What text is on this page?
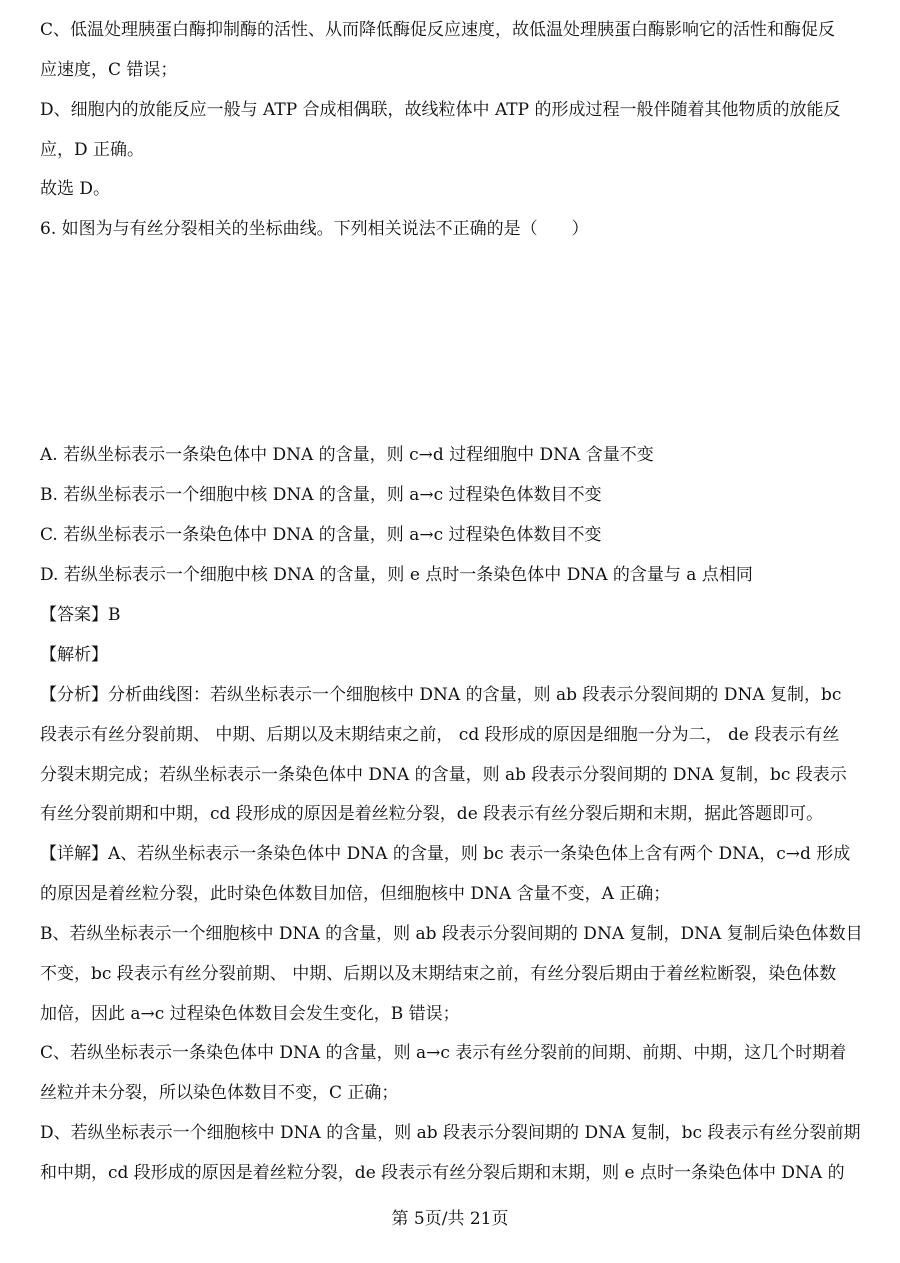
C、低温处理胰蛋白酶抑制酶的活性、从而降低酶促反应速度，故低温处理胰蛋白酶影响它的活性和酶促反
应速度，C 错误；
D、细胞内的放能反应一般与 ATP 合成相偶联，故线粒体中 ATP 的形成过程一般伴随着其他物质的放能反
应，D 正确。
故选 D。
6. 如图为与有丝分裂相关的坐标曲线。下列相关说法不正确的是（　　）
A. 若纵坐标表示一条染色体中 DNA 的含量，则 c→d 过程细胞中 DNA 含量不变
B. 若纵坐标表示一个细胞中核 DNA 的含量，则 a→c 过程染色体数目不变
C. 若纵坐标表示一条染色体中 DNA 的含量，则 a→c 过程染色体数目不变
D. 若纵坐标表示一个细胞中核 DNA 的含量，则 e 点时一条染色体中 DNA 的含量与 a 点相同
【答案】B
【解析】
【分析】分析曲线图：若纵坐标表示一个细胞核中 DNA 的含量，则 ab 段表示分裂间期的 DNA 复制，bc
段表示有丝分裂前期、 中期、后期以及末期结束之前， cd 段形成的原因是细胞一分为二， de 段表示有丝
分裂末期完成；若纵坐标表示一条染色体中 DNA 的含量，则 ab 段表示分裂间期的 DNA 复制，bc 段表示
有丝分裂前期和中期，cd 段形成的原因是着丝粒分裂，de 段表示有丝分裂后期和末期，据此答题即可。
【详解】A、若纵坐标表示一条染色体中 DNA 的含量，则 bc 表示一条染色体上含有两个 DNA，c→d 形成
的原因是着丝粒分裂，此时染色体数目加倍，但细胞核中 DNA 含量不变，A 正确；
B、若纵坐标表示一个细胞核中 DNA 的含量，则 ab 段表示分裂间期的 DNA 复制，DNA 复制后染色体数目
不变，bc 段表示有丝分裂前期、 中期、后期以及末期结束之前，有丝分裂后期由于着丝粒断裂，染色体数
加倍，因此 a→c 过程染色体数目会发生变化，B 错误；
C、若纵坐标表示一条染色体中 DNA 的含量，则 a→c 表示有丝分裂前的间期、前期、中期，这几个时期着
丝粒并未分裂，所以染色体数目不变，C 正确；
D、若纵坐标表示一个细胞核中 DNA 的含量，则 ab 段表示分裂间期的 DNA 复制，bc 段表示有丝分裂前期
和中期，cd 段形成的原因是着丝粒分裂，de 段表示有丝分裂后期和末期，则 e 点时一条染色体中 DNA 的
第 5页/共 21页
